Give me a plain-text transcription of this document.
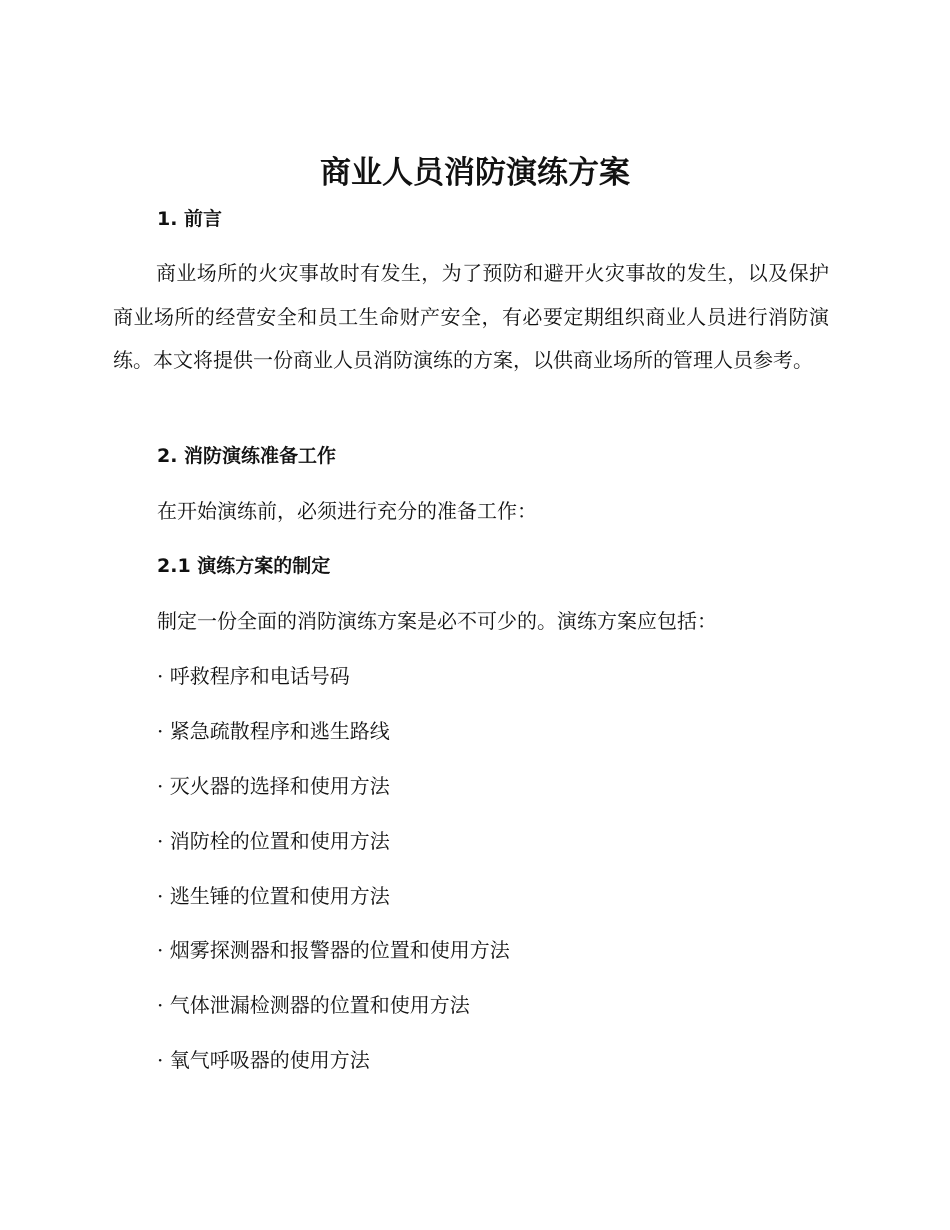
商业人员消防演练方案
1. 前言

商业场所的火灾事故时有发生，为了预防和避开火灾事故的发生，以及保护商业场所的经营安全和员工生命财产安全，有必要定期组织商业人员进行消防演练。本文将提供一份商业人员消防演练的方案，以供商业场所的管理人员参考。

2. 消防演练准备工作

在开始演练前，必须进行充分的准备工作：

2.1 演练方案的制定

制定一份全面的消防演练方案是必不可少的。演练方案应包括：

· 呼救程序和电话号码

· 紧急疏散程序和逃生路线

· 灭火器的选择和使用方法

· 消防栓的位置和使用方法

· 逃生锤的位置和使用方法

· 烟雾探测器和报警器的位置和使用方法

· 气体泄漏检测器的位置和使用方法

· 氧气呼吸器的使用方法
